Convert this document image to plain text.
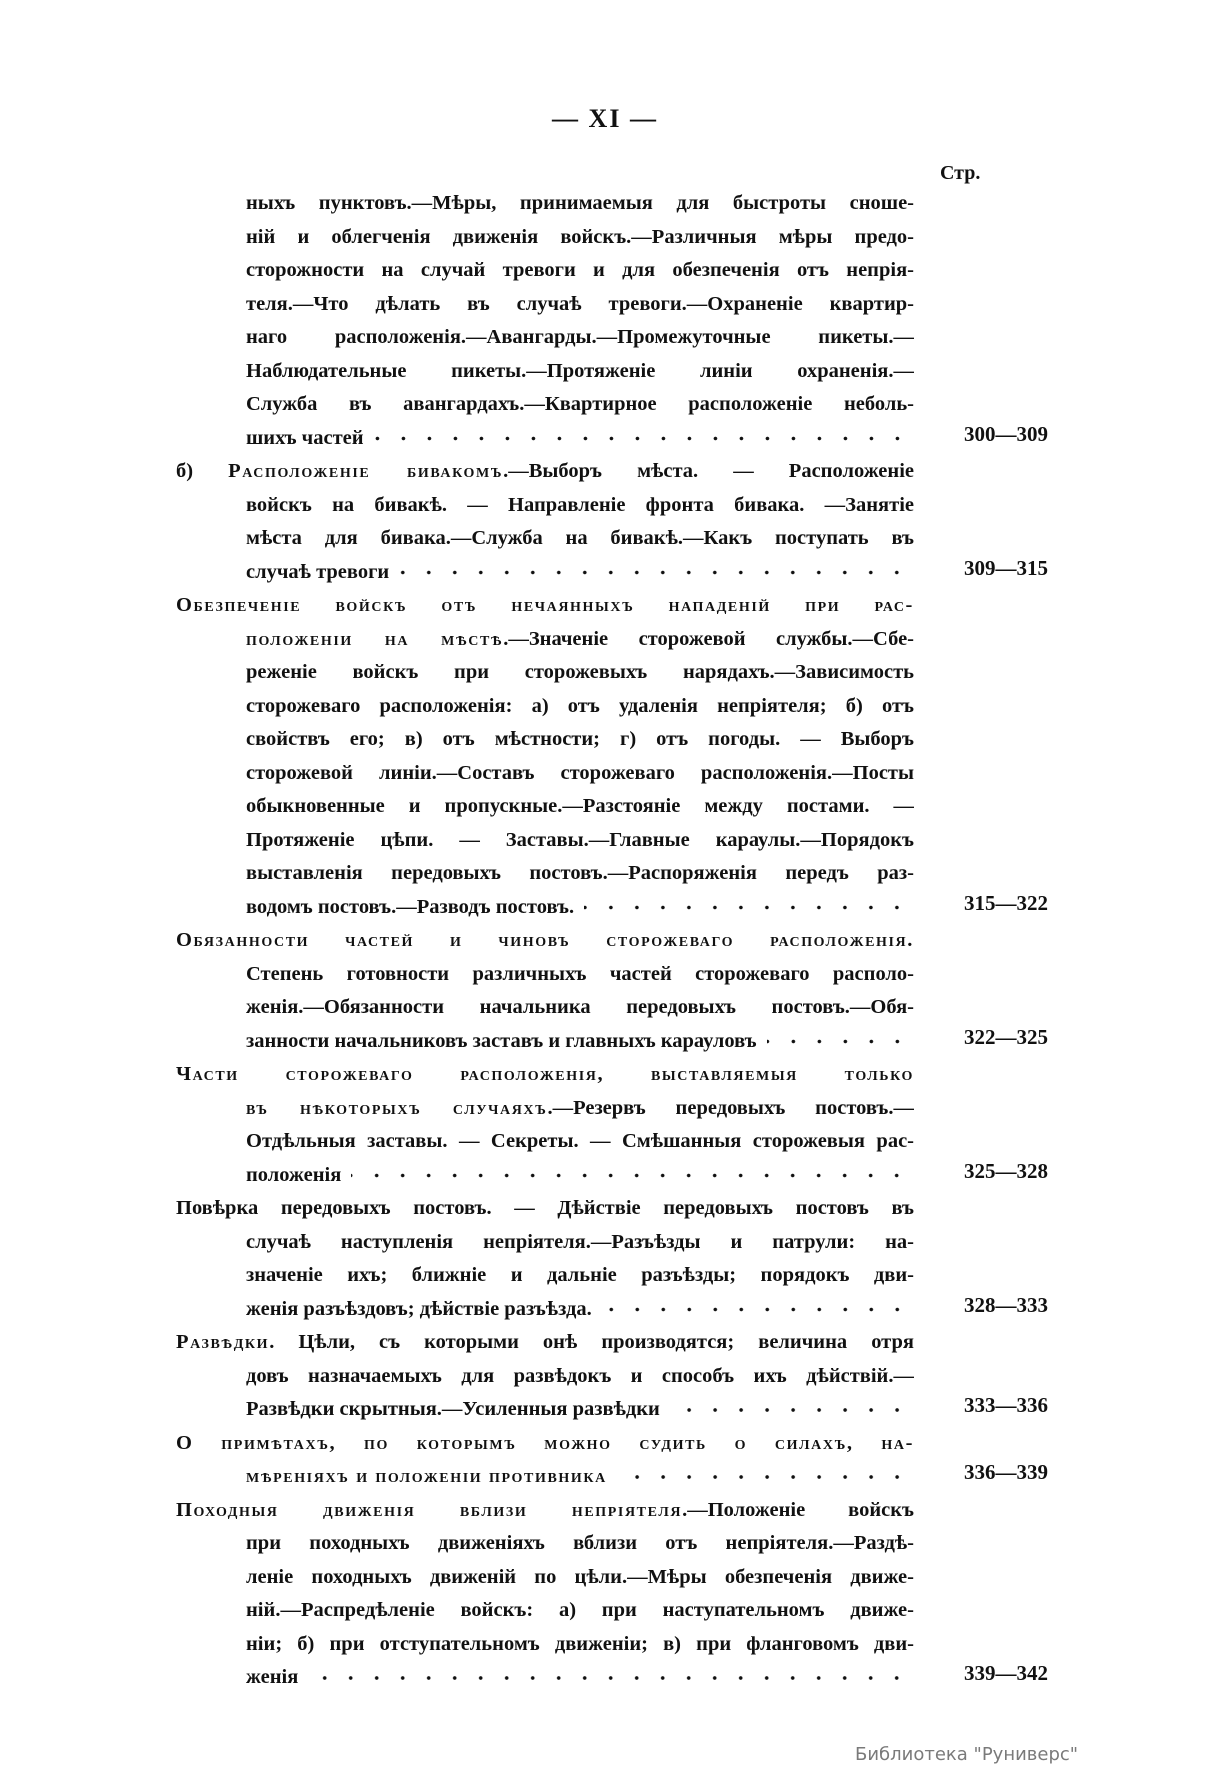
— XI —
Стр.
ныхъ пунктовъ.—Мѣры, принимаемыя для быстроты сноше-
нiй и облегченiя движенiя войскъ.—Различныя мѣры предо-
сторожности на случай тревоги и для обезпеченiя отъ непрiя-
теля.—Что дѣлать въ случаѣ тревоги.—Охраненiе квартир-
наго расположенiя.—Авангарды.—Промежуточные пикеты.—
Наблюдательные пикеты.—Протяженiе линiи охраненiя.—
Служба въ авангардахъ.—Квартирное расположенiе неболь-
300—309
шихъ частей
б) Расположенiе бивакомъ.—Выборъ мѣста. — Расположенiе
войскъ на бивакѣ. — Направленiе фронта бивака. —Занятiе
мѣста для бивака.—Служба на бивакѣ.—Какъ поступать въ
309—315
случаѣ тревоги
Обезпеченiе войскъ отъ нечаянныхъ нападенiй при рас-
положенiи на мѣстѣ.—Значенiе сторожевой службы.—Сбе-
реженiе войскъ при сторожевыхъ нарядахъ.—Зависимость
сторожеваго расположенiя: а) отъ удаленiя непрiятеля; б) отъ
свойствъ его; в) отъ мѣстности; г) отъ погоды. — Выборъ
сторожевой линiи.—Составъ сторожеваго расположенiя.—Посты
обыкновенные и пропускные.—Разстоянiе между постами. —
Протяженiе цѣпи. — Заставы.—Главные караулы.—Порядокъ
выставленiя передовыхъ постовъ.—Распоряженiя передъ раз-
315—322
водомъ постовъ.—Разводъ постовъ.
Обязанности частей и чиновъ сторожеваго расположенiя.
Степень готовности различныхъ частей сторожеваго располо-
женiя.—Обязанности начальника передовыхъ постовъ.—Обя-
322—325
занности начальниковъ заставъ и главныхъ карауловъ
Части сторожеваго расположенiя, выставляемыя только
въ нѣкоторыхъ случаяхъ.—Резервъ передовыхъ постовъ.—
Отдѣльныя заставы. — Секреты. — Смѣшанныя сторожевыя рас-
325—328
положенiя
Повѣрка передовыхъ постовъ. — Дѣйствiе передовыхъ постовъ въ
случаѣ наступленiя непрiятеля.—Разъѣзды и патрули: на-
значенiе ихъ; ближнiе и дальнiе разъѣзды; порядокъ дви-
328—333
женiя разъѣздовъ; дѣйствiе разъѣзда.
Развѣдки. Цѣли, съ которыми онѣ производятся; величина отря
довъ назначаемыхъ для развѣдокъ и способъ ихъ дѣйствiй.—
333—336
Развѣдки скрытныя.—Усиленныя развѣдки
О примѣтахъ, по которымъ можно судить о силахъ, на-
336—339
мѣренiяхъ и положенiи противника
Походныя движенiя вблизи непрiятеля.—Положенiе войскъ
при походныхъ движенiяхъ вблизи отъ непрiятеля.—Раздѣ-
ленiе походныхъ движенiй по цѣли.—Мѣры обезпеченiя движе-
нiй.—Распредѣленiе войскъ: а) при наступательномъ движе-
нiи; б) при отступательномъ движенiи; в) при фланговомъ дви-
339—342
женiя
Библиотека "Руниверс"
